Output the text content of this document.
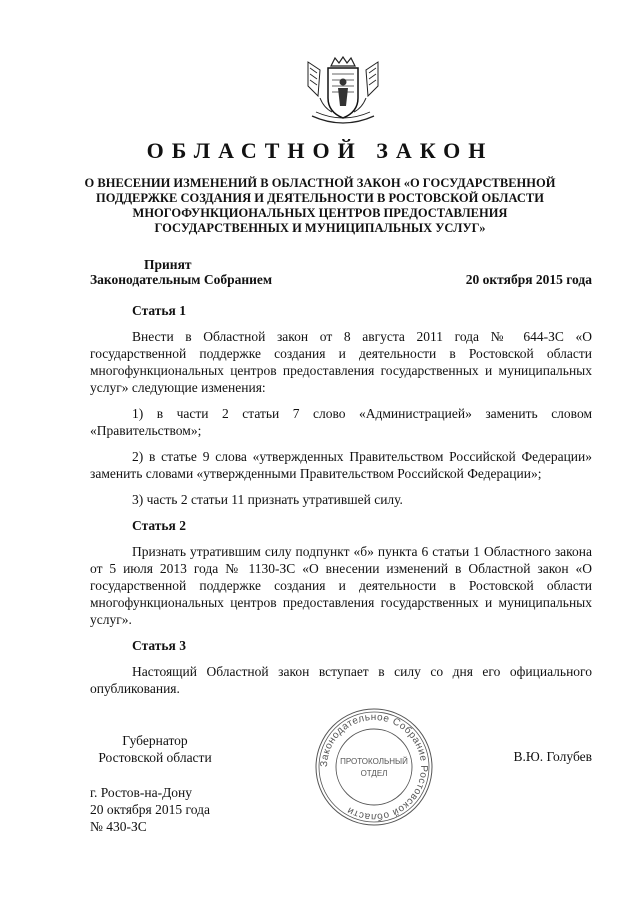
ОБЛАСТНОЙ ЗАКОН
О ВНЕСЕНИИ ИЗМЕНЕНИЙ В ОБЛАСТНОЙ ЗАКОН «О ГОСУДАРСТВЕННОЙ ПОДДЕРЖКЕ СОЗДАНИЯ И ДЕЯТЕЛЬНОСТИ В РОСТОВСКОЙ ОБЛАСТИ МНОГОФУНКЦИОНАЛЬНЫХ ЦЕНТРОВ ПРЕДОСТАВЛЕНИЯ ГОСУДАРСТВЕННЫХ И МУНИЦИПАЛЬНЫХ УСЛУГ»
Принят
Законодательным Собранием	20 октября 2015 года
Статья 1

Внести в Областной закон от 8 августа 2011 года № 644-ЗС «О государственной поддержке создания и деятельности в Ростовской области многофункциональных центров предоставления государственных и муниципальных услуг» следующие изменения:

1) в части 2 статьи 7 слово «Администрацией» заменить словом «Правительством»;

2) в статье 9 слова «утвержденных Правительством Российской Федерации» заменить словами «утвержденными Правительством Российской Федерации»;

3) часть 2 статьи 11 признать утратившей силу.

Статья 2

Признать утратившим силу подпункт «б» пункта 6 статьи 1 Областного закона от 5 июля 2013 года № 1130-ЗС «О внесении изменений в Областной закон «О государственной поддержке создания и деятельности в Ростовской области многофункциональных центров предоставления государственных и муниципальных услуг».

Статья 3

Настоящий Областной закон вступает в силу со дня его официального опубликования.

Губернатор
Ростовской области	Законодательное Собрание Ростовской области
ПРОТОКОЛЬНЫЙ
ОТДЕЛ
В.Ю. Голубев
г. Ростов-на-Дону
20 октября 2015 года
№ 430-ЗС
